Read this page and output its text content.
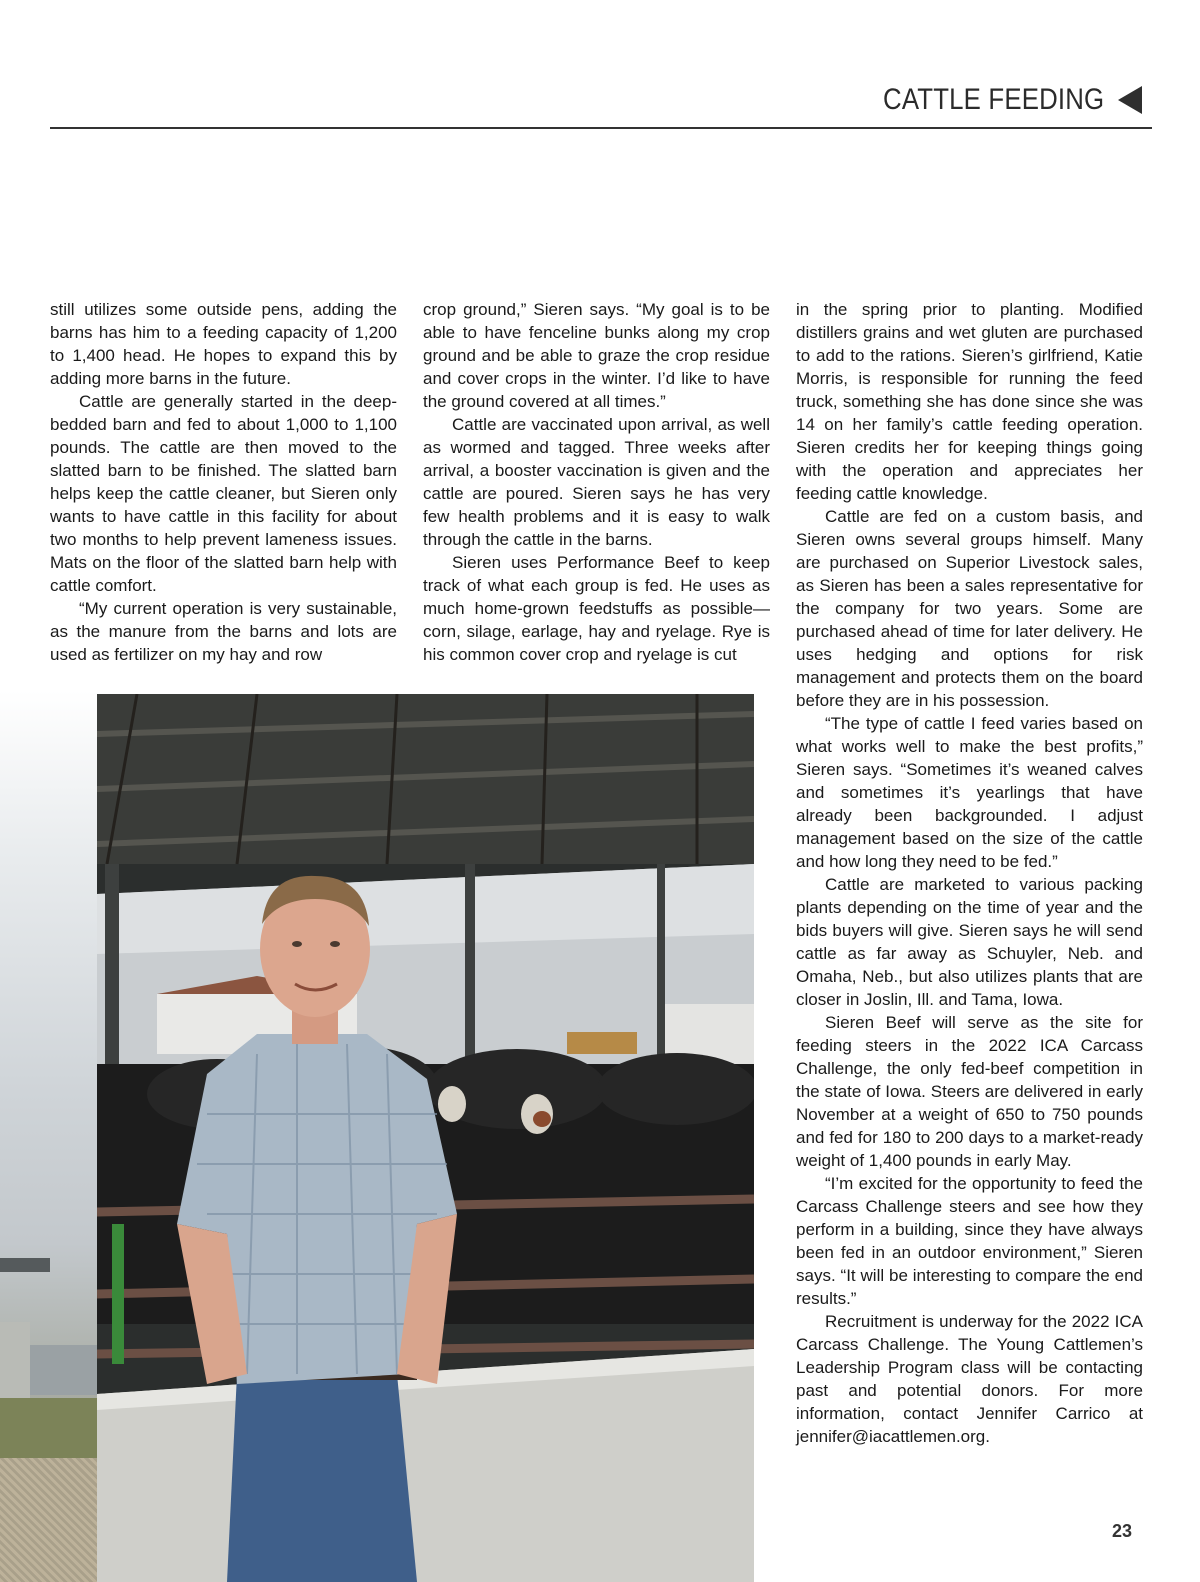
CATTLE FEEDING

still utilizes some outside pens, adding the barns has him to a feeding capacity of 1,200 to 1,400 head. He hopes to expand this by adding more barns in the future.

Cattle are generally started in the deep-bedded barn and fed to about 1,000 to 1,100 pounds. The cattle are then moved to the slatted barn to be finished. The slatted barn helps keep the cattle cleaner, but Sieren only wants to have cattle in this facility for about two months to help prevent lameness issues. Mats on the floor of the slatted barn help with cattle comfort.

“My current operation is very sustainable, as the manure from the barns and lots are used as fertilizer on my hay and row

crop ground,” Sieren says. “My goal is to be able to have fenceline bunks along my crop ground and be able to graze the crop residue and cover crops in the winter. I’d like to have the ground covered at all times.”

Cattle are vaccinated upon arrival, as well as wormed and tagged. Three weeks after arrival, a booster vaccination is given and the cattle are poured. Sieren says he has very few health problems and it is easy to walk through the cattle in the barns.

Sieren uses Performance Beef to keep track of what each group is fed. He uses as much home-grown feedstuffs as possible—corn, silage, earlage, hay and ryelage. Rye is his common cover crop and ryelage is cut

in the spring prior to planting. Modified distillers grains and wet gluten are purchased to add to the rations. Sieren’s girlfriend, Katie Morris, is responsible for running the feed truck, something she has done since she was 14 on her family’s cattle feeding operation. Sieren credits her for keeping things going with the operation and appreciates her feeding cattle knowledge.

Cattle are fed on a custom basis, and Sieren owns several groups himself. Many are purchased on Superior Livestock sales, as Sieren has been a sales representative for the company for two years. Some are purchased ahead of time for later delivery. He uses hedging and options for risk management and protects them on the board before they are in his possession.

“The type of cattle I feed varies based on what works well to make the best profits,” Sieren says. “Sometimes it’s weaned calves and sometimes it’s yearlings that have already been backgrounded. I adjust management based on the size of the cattle and how long they need to be fed.”

Cattle are marketed to various packing plants depending on the time of year and the bids buyers will give. Sieren says he will send cattle as far away as Schuyler, Neb. and Omaha, Neb., but also utilizes plants that are closer in Joslin, Ill. and Tama, Iowa.

Sieren Beef will serve as the site for feeding steers in the 2022 ICA Carcass Challenge, the only fed-beef competition in the state of Iowa. Steers are delivered in early November at a weight of 650 to 750 pounds and fed for 180 to 200 days to a market-ready weight of 1,400 pounds in early May.

“I’m excited for the opportunity to feed the Carcass Challenge steers and see how they perform in a building, since they have always been fed in an outdoor environment,” Sieren says. “It will be interesting to compare the end results.”

Recruitment is underway for the 2022 ICA Carcass Challenge. The Young Cattlemen’s Leadership Program class will be contacting past and potential donors. For more information, contact Jennifer Carrico at jennifer@iacattlemen.org.

23
